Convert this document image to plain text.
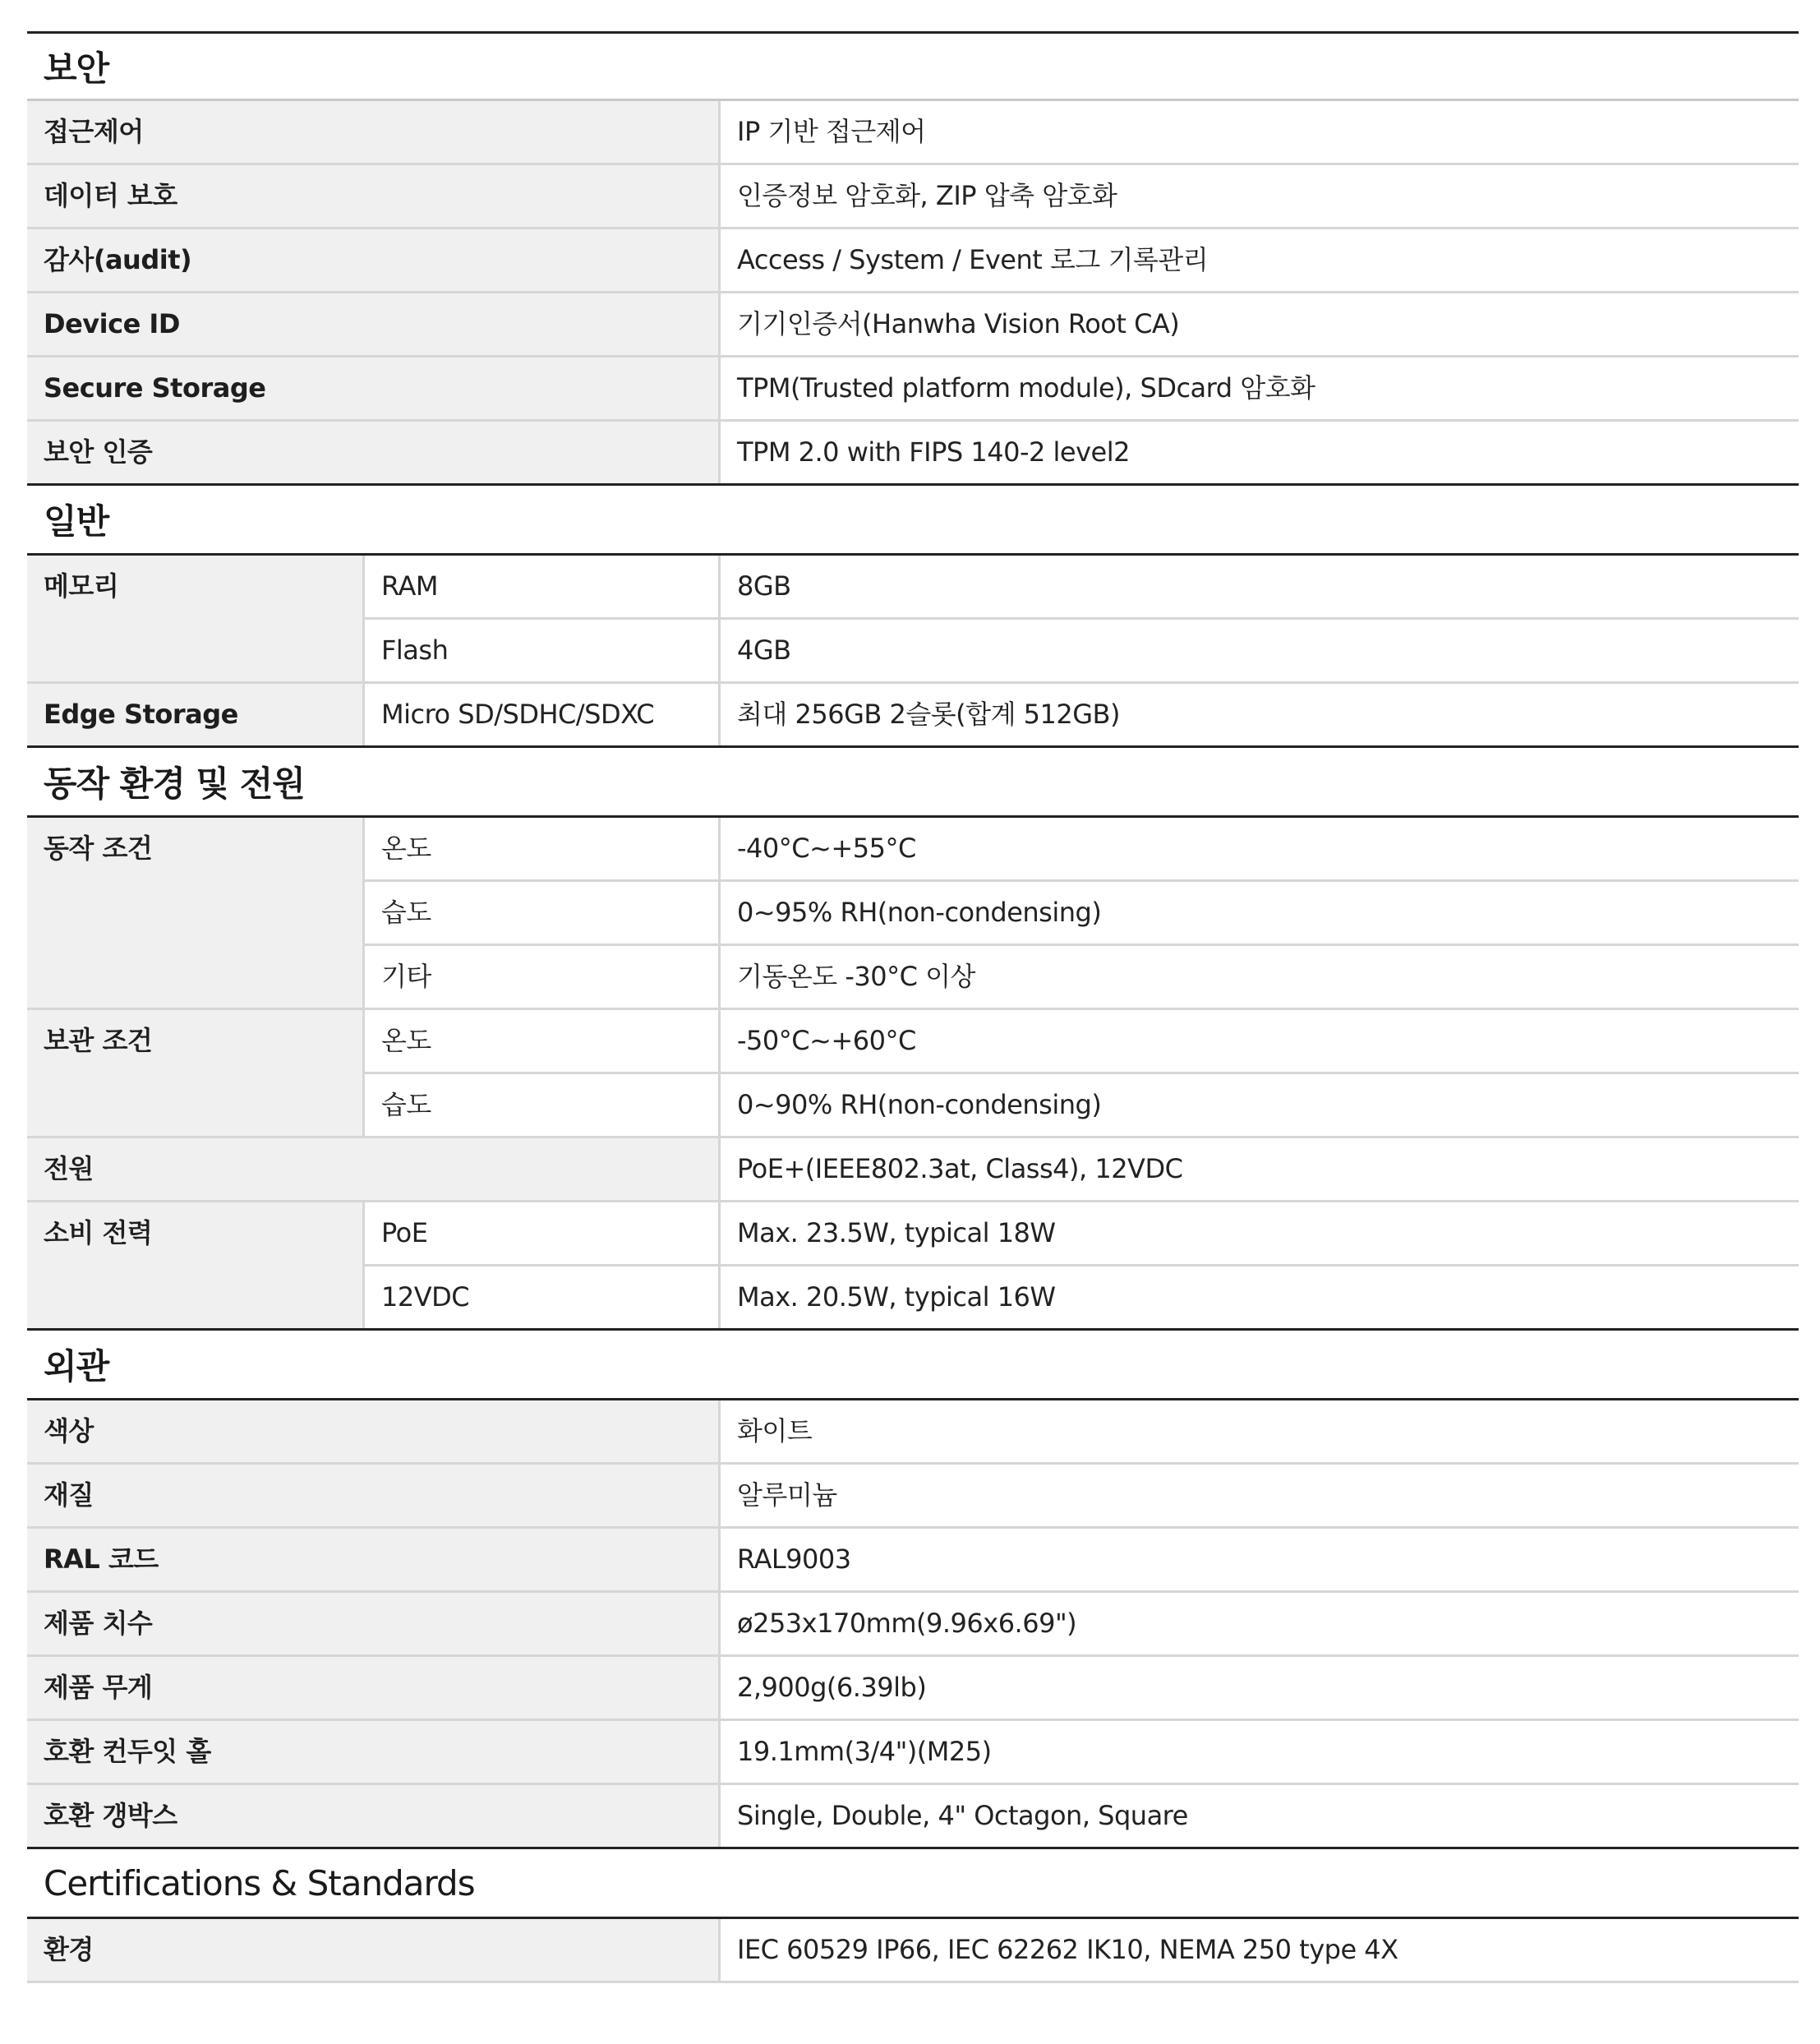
보안
접근제어	IP 기반 접근제어
데이터 보호	인증정보 암호화, ZIP 압축 암호화
감사(audit)	Access / System / Event 로그 기록관리
Device ID	기기인증서(Hanwha Vision Root CA)
Secure Storage	TPM(Trusted platform module), SDcard 암호화
보안 인증	TPM 2.0 with FIPS 140-2 level2
일반
메모리	RAM	8GB
Flash	4GB
Edge Storage	Micro SD/SDHC/SDXC	최대 256GB 2슬롯(합계 512GB)
동작 환경 및 전원
동작 조건	온도	-40°C~+55°C
습도	0~95% RH(non-condensing)
기타	기동온도 -30°C 이상
보관 조건	온도	-50°C~+60°C
습도	0~90% RH(non-condensing)
전원	PoE+(IEEE802.3at, Class4), 12VDC
소비 전력	PoE	Max. 23.5W, typical 18W
12VDC	Max. 20.5W, typical 16W
외관
색상	화이트
재질	알루미늄
RAL 코드	RAL9003
제품 치수	ø253x170mm(9.96x6.69")
제품 무게	2,900g(6.39lb)
호환 컨두잇 홀	19.1mm(3/4")(M25)
호환 갱박스	Single, Double, 4" Octagon, Square
Certifications & Standards
환경	IEC 60529 IP66, IEC 62262 IK10, NEMA 250 type 4X
